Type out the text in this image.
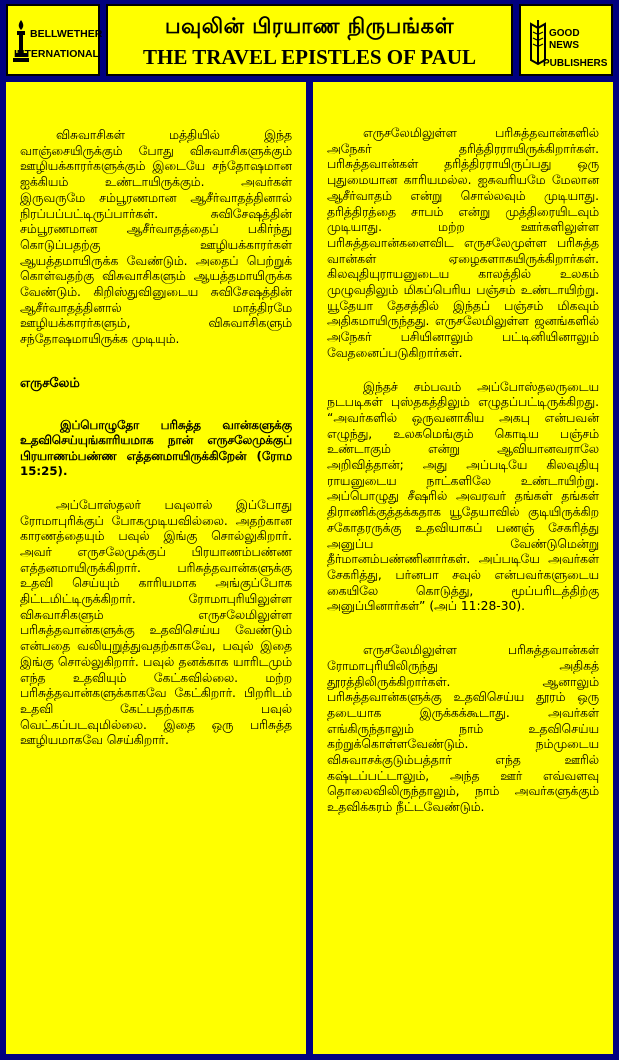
BELLWETHER
INTERNATIONAL
பவுலின் பிரயாண நிருபங்கள்
THE TRAVEL EPISTLES OF PAUL
GOOD NEWS
PUBLISHERS

விசுவாசிகள் மத்தியில் இந்த வாஞ்சையிருக்கும் போது விசுவாசிகளுக்கும் ஊழியக்காரர்களுக்கும் இடையே சந்தோஷமான ஐக்கியம் உண்டாயிருக்கும். அவர்கள் இருவருமே சம்பூரணமான ஆசீர்வாதத்தினால் நிரப்பப்பட்டிருப்பார்கள். சுவிசேஷத்தின் சம்பூரணமான ஆசீர்வாதத்தைப் பகிர்ந்து கொடுப்பதற்கு ஊழியக்காரர்கள் ஆயத்தமாயிருக்க வேண்டும். அதைப் பெற்றுக் கொள்வதற்கு விசுவாசிகளும் ஆயத்தமாயிருக்க வேண்டும். கிறிஸ்துவினுடைய சுவிசேஷத்தின் ஆசீர்வாதத்தினால் மாத்திரமே ஊழியக்காரர்களும், விசுவாசிகளும் சந்தோஷமாயிருக்க முடியும்.

எருசலேம்

இப்பொழுதோ பரிசுத்த வான்களுக்கு உதவிசெய்யுங்காரியமாக நான் எருசலேமுக்குப் பிரயாணம்பண்ண எத்தனமாயிருக்கிறேன் (ரோம 15:25).

அப்போஸ்தலர் பவுலால் இப்போது ரோமாபுரிக்குப் போகமுடியவில்லை. அதற்கான காரணத்தையும் பவுல் இங்கு சொல்லுகிறார். அவர் எருசலேமுக்குப் பிரயாணம்பண்ண எத்தனமாயிருக்கிறார். பரிசுத்தவான்களுக்கு உதவி செய்யும் காரியமாக அங்குப்போக திட்டமிட்டிருக்கிறார். ரோமாபுரியிலுள்ள விசுவாசிகளும் எருசலேமிலுள்ள பரிசுத்தவான்களுக்கு உதவிசெய்ய வேண்டும் என்பதை வலியுறுத்துவதற்காகவே, பவுல் இதை இங்கு சொல்லுகிறார். பவுல் தனக்காக யாரிடமும் எந்த உதவியும் கேட்கவில்லை. மற்ற பரிசுத்தவான்களுக்காகவே கேட்கிறார். பிறரிடம் உதவி கேட்பதற்காக பவுல் வெட்கப்படவுமில்லை. இதை ஒரு பரிசுத்த ஊழியமாகவே செய்கிறார்.

எருசலேமிலுள்ள பரிசுத்தவான்களில் அநேகர் தரித்திரராயிருக்கிறார்கள். பரிசுத்தவான்கள் தரித்திரராயிருப்பது ஒரு புதுமையான காரியமல்ல. ஐசுவரியமே மேலான ஆசீர்வாதம் என்று சொல்லவும் முடியாது. தரித்திரத்தை சாபம் என்று முத்திரையிடவும் முடியாது. மற்ற ஊர்களிலுள்ள பரிசுத்தவான்களைவிட எருசலேமுள்ள பரிசுத்த வான்கள் ஏழைகளாகயிருக்கிறார்கள். கிலவுதியுராயனுடைய காலத்தில் உலகம் முழுவதிலும் மிகப்பெரிய பஞ்சம் உண்டாயிற்று. யூதேயா தேசத்தில் இந்தப் பஞ்சம் மிகவும் அதிகமாயிருந்தது. எருசலேமிலுள்ள ஜனங்களில் அநேகர் பசியினாலும் பட்டினியினாலும் வேதனைப்படுகிறார்கள்.

இந்தச் சம்பவம் அப்போஸ்தலருடைய நடபடிகள் புஸ்தகத்திலும் எழுதப்பட்டிருக்கிறது. “அவர்களில் ஒருவனாகிய அகபு என்பவன் எழுந்து, உலகமெங்கும் கொடிய பஞ்சம் உண்டாகும் என்று ஆவியானவராலே அறிவித்தான்; அது அப்படியே கிலவுதியு ராயனுடைய நாட்களிலே உண்டாயிற்று. அப்பொழுது சீஷரில் அவரவர் தங்கள் தங்கள் திராணிக்குத்தக்கதாக யூதேயாவில் குடியிருக்கிற சகோதரருக்கு உதவியாகப் பணஞ் சேகரித்து அனுப்ப வேண்டுமென்று தீர்மானம்பண்ணினார்கள். அப்படியே அவர்கள் சேகரித்து, பர்னபா சவுல் என்பவர்களுடைய கையிலே கொடுத்து, மூப்பரிடத்திற்கு அனுப்பினார்கள்” (அப் 11:28-30).

எருசலேமிலுள்ள பரிசுத்தவான்கள் ரோமாபுரியிலிருந்து அதிகத் தூரத்திலிருக்கிறார்கள். ஆனாலும் பரிசுத்தவான்களுக்கு உதவிசெய்ய தூரம் ஒரு தடையாக இருக்கக்கூடாது. அவர்கள் எங்கிருந்தாலும் நாம் உதவிசெய்ய கற்றுக்கொள்ளவேண்டும். நம்முடைய விசுவாசக்குடும்பத்தார் எந்த ஊரில் கஷ்டப்பட்டாலும், அந்த ஊர் எவ்வளவு தொலைவிலிருந்தாலும், நாம் அவர்களுக்கும் உதவிக்கரம் நீட்டவேண்டும்.
